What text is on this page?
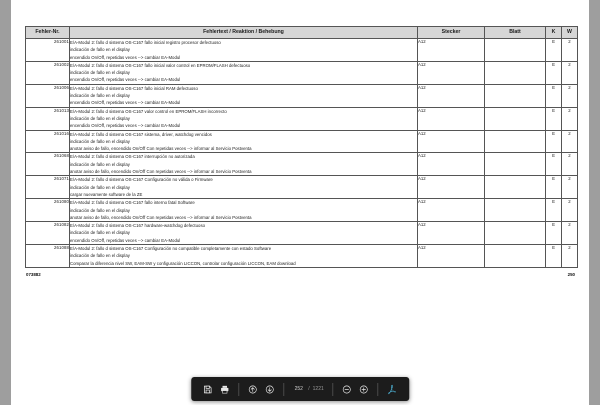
Fehler-Nr.	Fehlertext / Reaktion / Behebung	Stecker	Blatt	K	W
261001	E/A-Modul 2: fallo d sistema OS-C167 fallo inicial registro procesor defectuoso
indicación de fallo en el display
encendido On/Off, repetidas veces --> cambiar EA-Modul	A12		E	2
261002	E/A-Modul 2: fallo d sistema OS-C167 fallo inicial valor control en EPROM/FLASH defectuoso
indicación de fallo en el display
encendido On/Off, repetidas veces --> cambiar EA-Modul	A12		E	2
261006	E/A-Modul 2: fallo d sistema OS-C167 fallo inicial RAM defectuoso
indicación de fallo en el display
encendido On/Off, repetidas veces --> cambiar EA-Modul	A12		E	2
261013	E/A-Modul 2: fallo d sistema OS-C167 valor control en EPROM/FLASH incorrecto
indicación de fallo en el display
encendido On/Off, repetidas veces --> cambiar EA-Modul	A12		E	2
261016	E/A-Modul 2: fallo d sistema OS-C167 sistema, driver, watchdog vencidos
indicación de fallo en el display
anotar aviso de fallo, encendido On/Off Con repetidas veces --> informar al Servicio Postventa	A12		E	2
261068	E/A-Modul 2: fallo d sistema OS-C167 interrupción no autorizada
indicación de fallo en el display
anotar aviso de fallo, encendido On/Off Con repetidas veces --> informar al Servicio Postventa	A12		E	2
261071	E/A-Modul 2: fallo d sistema OS-C167 Configuración no válida o Firmware
indicación de fallo en el display
cargar nuevamente software de la ZE	A12		E	2
261080	E/A-Modul 2: fallo d sistema OS-C167 fallo interno fatal Software
indicación de fallo en el display
anotar aviso de fallo, encendido On/Off Con repetidas veces --> informar al Servicio Postventa	A12		E	2
261082	E/A-Modul 2: fallo d sistema OS-C167 hardware-watchdog defectuoso
indicación de fallo en el display
encendido On/Off, repetidas veces --> cambiar EA-Modul	A12		E	2
261088	E/A-Modul 2: fallo d sistema OS-C167 Configuración no compatible completamente con estado Software
indicación de fallo en el display
Comparar la diferencia nivel SW, EAM-SW y configuración LICCON, controlar configuración LICCON, EAM download	A12		E	2
073882	250
252	/ 1221
